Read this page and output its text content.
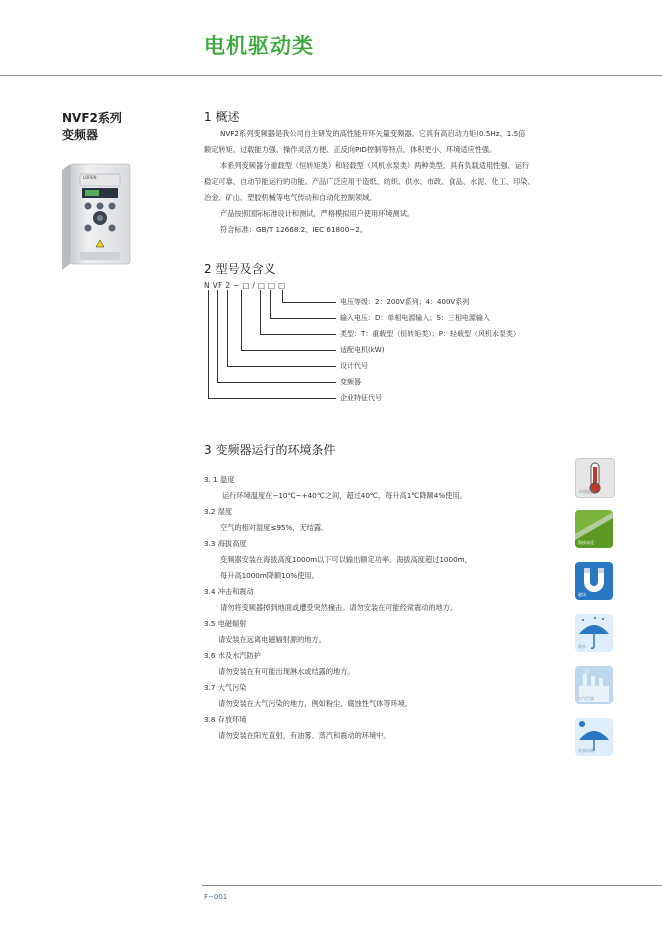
电机驱动类
NVF2系列
变频器
LOREN
1 概述
NVF2系列变频器是我公司自主研发的高性能开环矢量变频器。它具有高启动力矩(0.5Hz、1.5倍
额定转矩、过载能力强、操作灵活方便、正反向PID控制等特点。体积更小、环境适应性强。
本系列变频器分重载型（恒转矩类）和轻载型（风机水泵类）两种类型，具有负载适用性强、运行
稳定可靠、自动节能运行的功能。产品广泛应用于造纸、纺织、供水、市政、食品、水泥、化工、印染、
冶金、矿山、塑胶机械等电气传动和自动化控制领域。
产品按照国际标准设计和测试，严格模拟用户使用环境测试。
符合标准：GB/T 12668.2、IEC 61800−2。
2 型号及含义
N VF 2 − □ / □ □ □
电压等级：2：200V系列；4：400V系列
输入电压：D：单相电源输入；S：三相电源输入
类型：T：重载型（恒转矩类）；P：轻载型（风机水泵类）
适配电机(kW)
设计代号
变频器
企业特征代号
3 变频器运行的环境条件
3. 1 温度
运行环境温度在−10℃~+40℃之间，超过40℃，每升高1℃降额4%使用。
3.2 湿度
空气的相对湿度≤95%，无结露。
3.3 海拔高度
变频器安装在海拔高度1000m以下可以输出额定功率。海拔高度超过1000m，
每升高1000m降额10%使用。
3.4 冲击和震动
请勿将变频器掉到地面或遭受突然撞击。请勿安装在可能经常震动的地方。
3.5 电磁辐射
请安装在远离电磁辐射源的地方。
3.6 水及水汽防护
请勿安装在有可能出现淋水或结露的地方。
3.7 大气污染
请勿安装在大气污染的地方，例如粉尘、腐蚀性气体等环境。
3.8 存放环境
请勿安装在阳光直射，有油雾、蒸汽和震动的环境中。
环境温度
海拔高度
磁场
防水
大气污染
存放环境
F−001
